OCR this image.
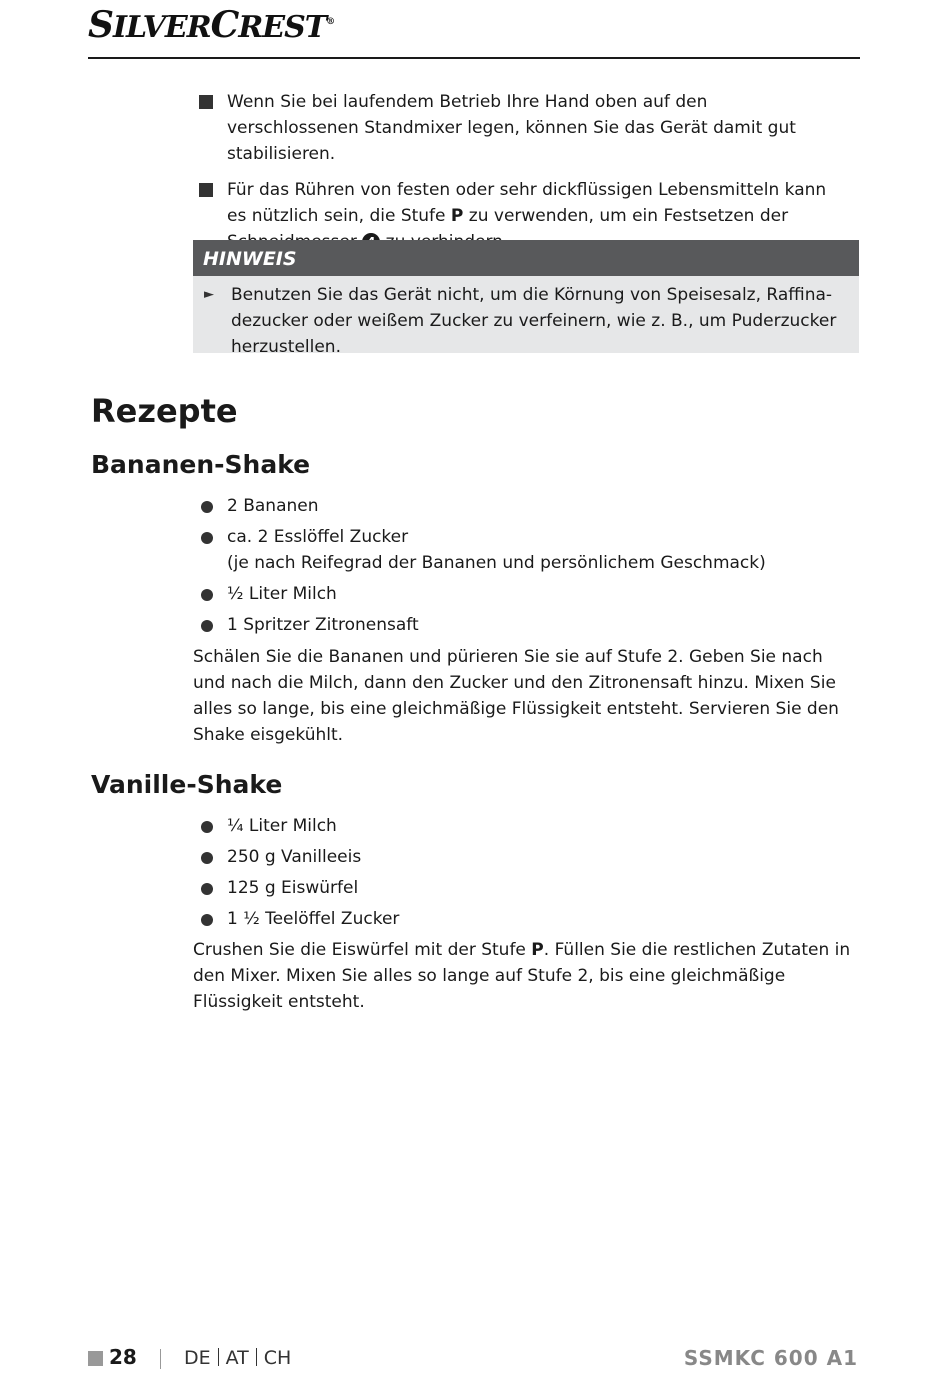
SILVERCREST®
Wenn Sie bei laufendem Betrieb Ihre Hand oben auf den verschlossenen Standmixer legen, können Sie das Gerät damit gut stabilisieren.
Für das Rühren von festen oder sehr dickflüssigen Lebensmitteln kann es nützlich sein, die Stufe P zu verwenden, um ein Festsetzen der
HINWEIS
► Benutzen Sie das Gerät nicht, um die Körnung von Speisesalz, Raffinadezucker oder weißem Zucker zu verfeinern, wie z. B., um Puderzucker herzustellen.
Rezepte
Bananen-Shake
2 Bananen
ca. 2 Esslöffel Zucker
(je nach Reifegrad der Bananen und persönlichem Geschmack)
½ Liter Milch
1 Spritzer Zitronensaft

Schälen Sie die Bananen und pürieren Sie sie auf Stufe 2. Geben Sie nach und nach die Milch, dann den Zucker und den Zitronensaft hinzu. Mixen Sie alles so lange, bis eine gleichmäßige Flüssigkeit entsteht. Servieren Sie den Shake eisgekühlt.

Vanille-Shake
¼ Liter Milch
250 g Vanilleeis
125 g Eiswürfel
1 ½ Teelöffel Zucker

Crushen Sie die Eiswürfel mit der Stufe P. Füllen Sie die restlichen Zutaten in den Mixer. Mixen Sie alles so lange auf Stufe 2, bis eine gleichmäßige Flüssigkeit entsteht.

28 DE AT CH	SSMKC 600 A1
